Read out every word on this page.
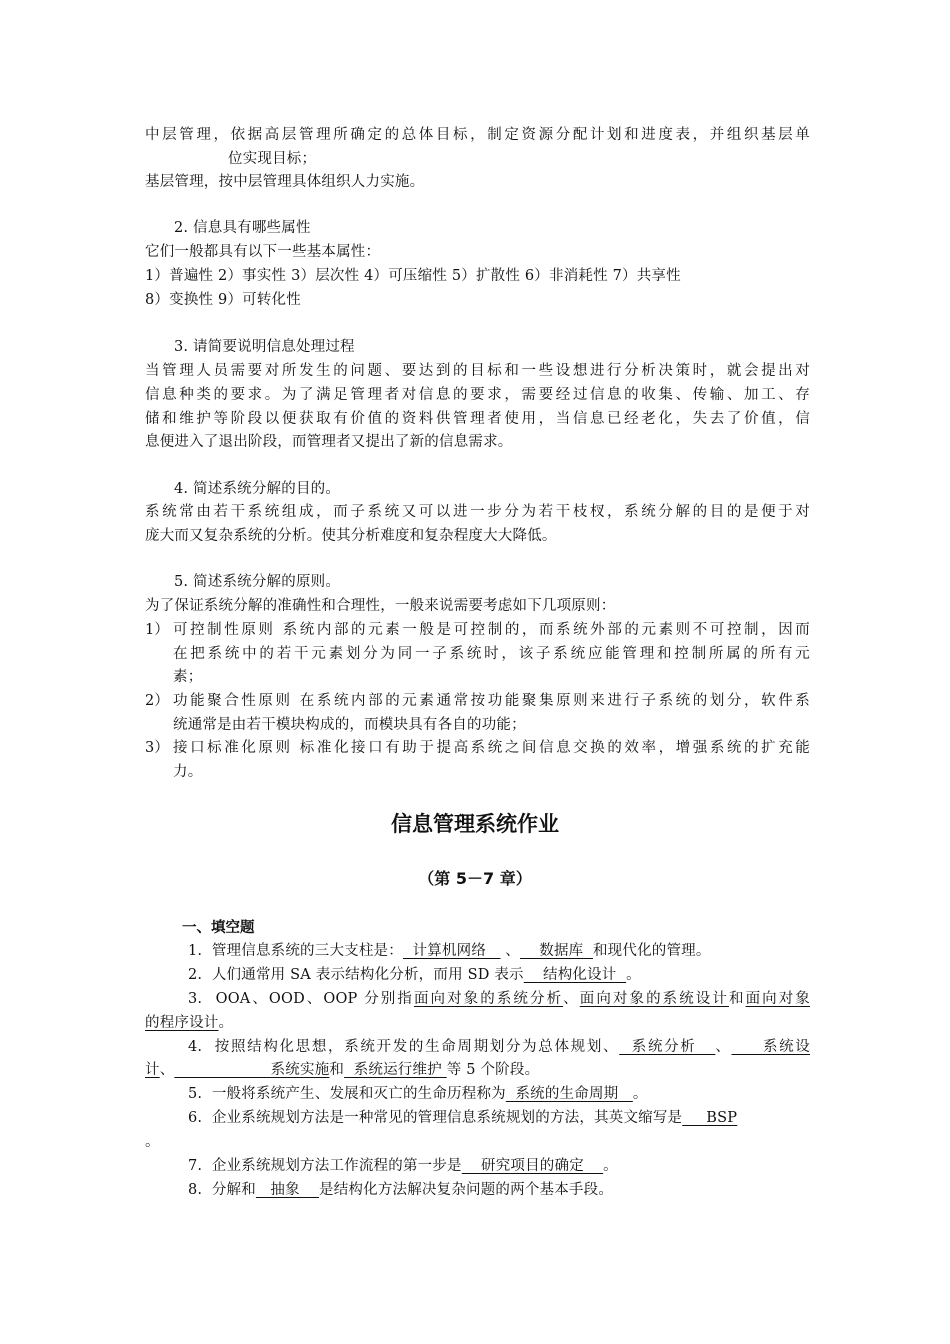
中层管理，依据高层管理所确定的总体目标，制定资源分配计划和进度表，并组织基层单
位实现目标；
基层管理，按中层管理具体组织人力实施。
2. 信息具有哪些属性
它们一般都具有以下一些基本属性：
1）普遍性 2）事实性 3）层次性 4）可压缩性 5）扩散性 6）非消耗性 7）共享性
8）变换性 9）可转化性
3. 请简要说明信息处理过程
当管理人员需要对所发生的问题、要达到的目标和一些设想进行分析决策时，就会提出对
信息种类的要求。为了满足管理者对信息的要求，需要经过信息的收集、传输、加工、存
储和维护等阶段以便获取有价值的资料供管理者使用，当信息已经老化，失去了价值，信
息便进入了退出阶段，而管理者又提出了新的信息需求。
4. 简述系统分解的目的。
系统常由若干系统组成，而子系统又可以进一步分为若干枝杈，系统分解的目的是便于对
庞大而又复杂系统的分析。使其分析难度和复杂程度大大降低。
5. 简述系统分解的原则。
为了保证系统分解的准确性和合理性，一般来说需要考虑如下几项原则：
1） 可控制性原则 系统内部的元素一般是可控制的，而系统外部的元素则不可控制，因而
在把系统中的若干元素划分为同一子系统时，该子系统应能管理和控制所属的所有元
素；
2） 功能聚合性原则 在系统内部的元素通常按功能聚集原则来进行子系统的划分，软件系
统通常是由若干模块构成的，而模块具有各自的功能；
3） 接口标准化原则 标准化接口有助于提高系统之间信息交换的效率，增强系统的扩充能
力。
信息管理系统作业
（第 5－7 章）
一、填空题
1.  管理信息系统的三大支柱是：  计算机网络    、    数据库  和现代化的管理。
2.  人们通常用 SA 表示结构化分析，而用 SD 表示    结构化设计  。
3.  OOA、OOD、OOP 分别指面向对象的系统分析、面向对象的系统设计和面向对象
的程序设计。
4.  按照结构化思想，系统开发的生命周期划分为总体规划、  系统分析   、     系统设
计、                    系统实施和  系统运行维护 等 5 个阶段。
5.  一般将系统产生、发展和灭亡的生命历程称为  系统的生命周期   。
6.  企业系统规划方法是一种常见的管理信息系统规划的方法，其英文缩写是     BSP
。
7.  企业系统规划方法工作流程的第一步是    研究项目的确定    。
8.  分解和   抽象    是结构化方法解决复杂问题的两个基本手段。
